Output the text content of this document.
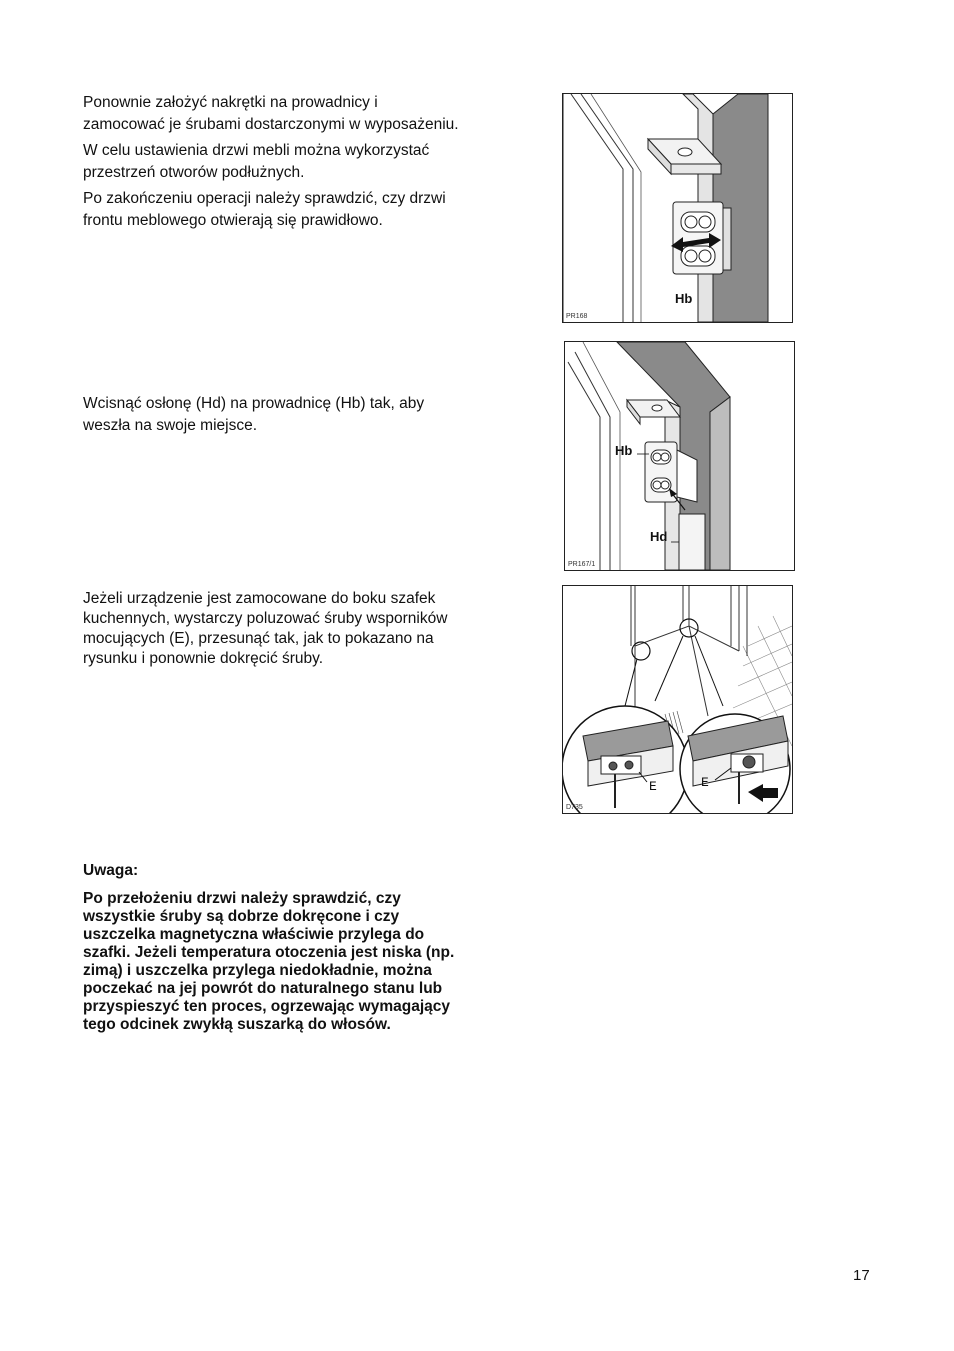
Ponownie założyć nakrętki na prowadnicy i zamocować je śrubami dostarczonymi w wyposażeniu.

W celu ustawienia drzwi mebli można wykorzystać przestrzeń otworów podłużnych.

Po zakończeniu operacji należy sprawdzić, czy drzwi frontu meblowego otwierają się prawidłowo.

Wcisnąć osłonę (Hd) na prowadnicę (Hb) tak, aby weszła na swoje miejsce.

Jeżeli urządzenie jest zamocowane do boku szafek kuchennych, wystarczy poluzować śruby wsporników mocujących (E), przesunąć tak, jak to pokazano na rysunku i ponownie dokręcić śruby.

Uwaga:
Po przełożeniu drzwi należy sprawdzić, czy wszystkie śruby są dobrze dokręcone i czy uszczelka magnetyczna właściwie przylega do szafki. Jeżeli temperatura otoczenia jest niska (np. zimą) i uszczelka przylega niedokładnie, można poczekać na jej powrót do naturalnego stanu lub przyspieszyć ten proces, ogrzewając wymagający tego odcinek zwykłą suszarką do włosów.
Hb
PR168
Hb
Hd
PR167/1
E	E
D735
17
